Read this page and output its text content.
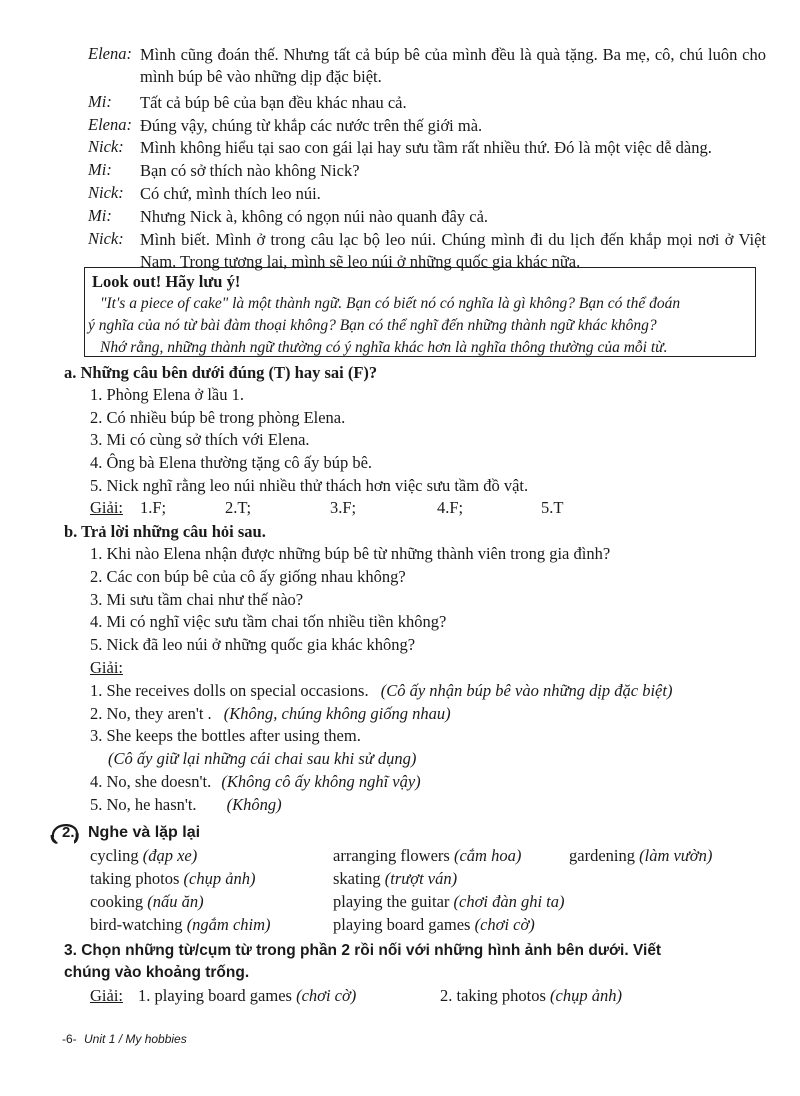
Elena: Mình cũng đoán thế. Nhưng tất cả búp bê của mình đều là quà tặng. Ba mẹ, cô, chú luôn cho mình búp bê vào những dịp đặc biệt.
Mi: Tất cả búp bê của bạn đều khác nhau cả.
Elena: Đúng vậy, chúng từ khắp các nước trên thế giới mà.
Nick: Mình không hiểu tại sao con gái lại hay sưu tầm rất nhiều thứ. Đó là một việc dễ dàng.
Mi: Bạn có sở thích nào không Nick?
Nick: Có chứ, mình thích leo núi.
Mi: Nhưng Nick à, không có ngọn núi nào quanh đây cả.
Nick: Mình biết. Mình ở trong câu lạc bộ leo núi. Chúng mình đi du lịch đến khắp mọi nơi ở Việt Nam. Trong tương lai, mình sẽ leo núi ở những quốc gia khác nữa.
Look out! Hãy lưu ý!
"It's a piece of cake" là một thành ngữ. Bạn có biết nó có nghĩa là gì không? Bạn có thể đoán
ý nghĩa của nó từ bài đàm thoại không? Bạn có thể nghĩ đến những thành ngữ khác không?
Nhớ rằng, những thành ngữ thường có ý nghĩa khác hơn là nghĩa thông thường của mỗi từ.
a. Những câu bên dưới đúng (T) hay sai (F)?
1. Phòng Elena ở lầu 1.
2. Có nhiều búp bê trong phòng Elena.
3. Mi có cùng sở thích với Elena.
4. Ông bà Elena thường tặng cô ấy búp bê.
5. Nick nghĩ rằng leo núi nhiều thử thách hơn việc sưu tầm đồ vật.
Giải: 1.F;	2.T;	3.F;	4.F;	5.T
b. Trả lời những câu hỏi sau.
1. Khi nào Elena nhận được những búp bê từ những thành viên trong gia đình?
2. Các con búp bê của cô ấy giống nhau không?
3. Mi sưu tầm chai như thế nào?
4. Mi có nghĩ việc sưu tầm chai tốn nhiều tiền không?
5. Nick đã leo núi ở những quốc gia khác không?
Giải:
1. She receives dolls on special occasions. (Cô ấy nhận búp bê vào những dịp đặc biệt)
2. No, they aren't . (Không, chúng không giống nhau)
3. She keeps the bottles after using them.
(Cô ấy giữ lại những cái chai sau khi sử dụng)
4. No, she doesn't. (Không cô ấy không nghĩ vậy)
5. No, he hasn't. (Không)
2. Nghe và lặp lại
cycling (đạp xe)	arranging flowers (cắm hoa)	gardening (làm vườn)
taking photos (chụp ảnh)	skating (trượt ván)
cooking (nấu ăn)	playing the guitar (chơi đàn ghi ta)
bird-watching (ngắm chim)	playing board games (chơi cờ)
3. Chọn những từ/cụm từ trong phần 2 rồi nối với những hình ảnh bên dưới. Viết
chúng vào khoảng trống.
Giải: 1. playing board games (chơi cờ)	2. taking photos (chụp ảnh)
-6- Unit 1 / My hobbies
